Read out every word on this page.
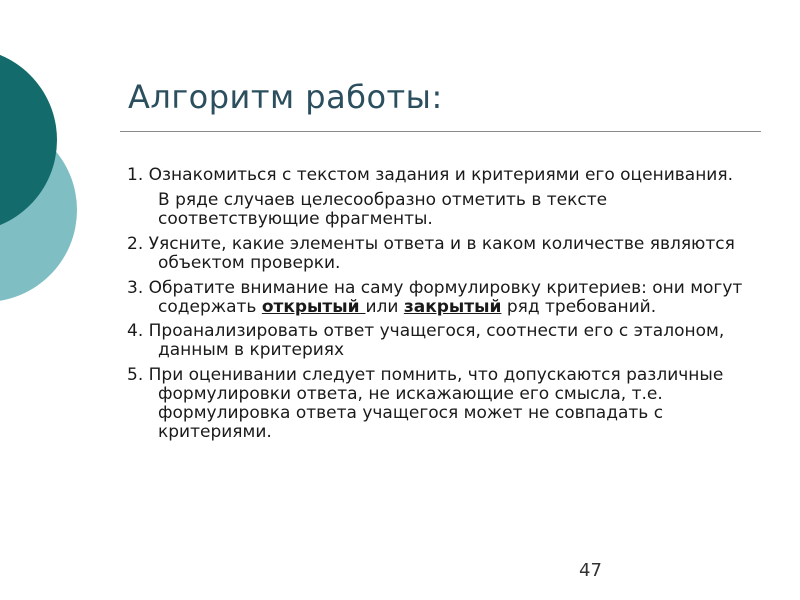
Алгоритм работы:

1. Ознакомиться с текстом задания и критериями его оценивания.

В ряде случаев целесообразно отметить в тексте соответствующие фрагменты.

2. Уясните, какие элементы ответа и в каком количестве являются объектом проверки.

3. Обратите внимание на саму формулировку критериев: они могут содержать открытый или закрытый ряд требований.

4. Проанализировать ответ учащегося, соотнести его с эталоном, данным в критериях

5. При оценивании следует помнить, что допускаются различные формулировки ответа, не искажающие его смысла, т.е. формулировка ответа учащегося может не совпадать с критериями.

47
